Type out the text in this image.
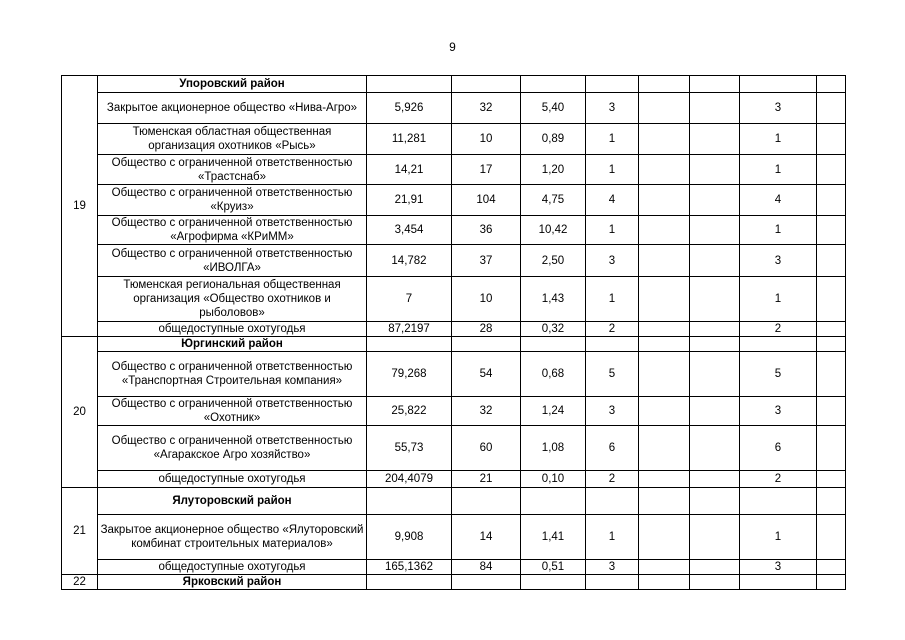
9
19	Упоровский район								
	Закрытое акционерное общество «Нива-Агро»	5,926	32	5,40	3			3	
	Тюменская областная общественная организация охотников «Рысь»	11,281	10	0,89	1			1	
	Общество с ограниченной ответственностью «Трастснаб»	14,21	17	1,20	1			1	
	Общество с ограниченной ответственностью «Круиз»	21,91	104	4,75	4			4	
	Общество с ограниченной ответственностью «Агрофирма «КРиММ»	3,454	36	10,42	1			1	
	Общество с ограниченной ответственностью «ИВОЛГА»	14,782	37	2,50	3			3	
	Тюменская региональная общественная организация «Общество охотников и рыболовов»	7	10	1,43	1			1	
	общедоступные охотугодья	87,2197	28	0,32	2			2	
20	Юргинский район								
	Общество с ограниченной ответственностью «Транспортная Строительная компания»	79,268	54	0,68	5			5	
	Общество с ограниченной ответственностью «Охотник»	25,822	32	1,24	3			3	
	Общество с ограниченной ответственностью «Агаракское Агро хозяйство»	55,73	60	1,08	6			6	
	общедоступные охотугодья	204,4079	21	0,10	2			2	
21	Ялуторовский район								
	Закрытое акционерное общество «Ялуторовский комбинат строительных материалов»	9,908	14	1,41	1			1	
	общедоступные охотугодья	165,1362	84	0,51	3			3	
22	Ярковский район								
